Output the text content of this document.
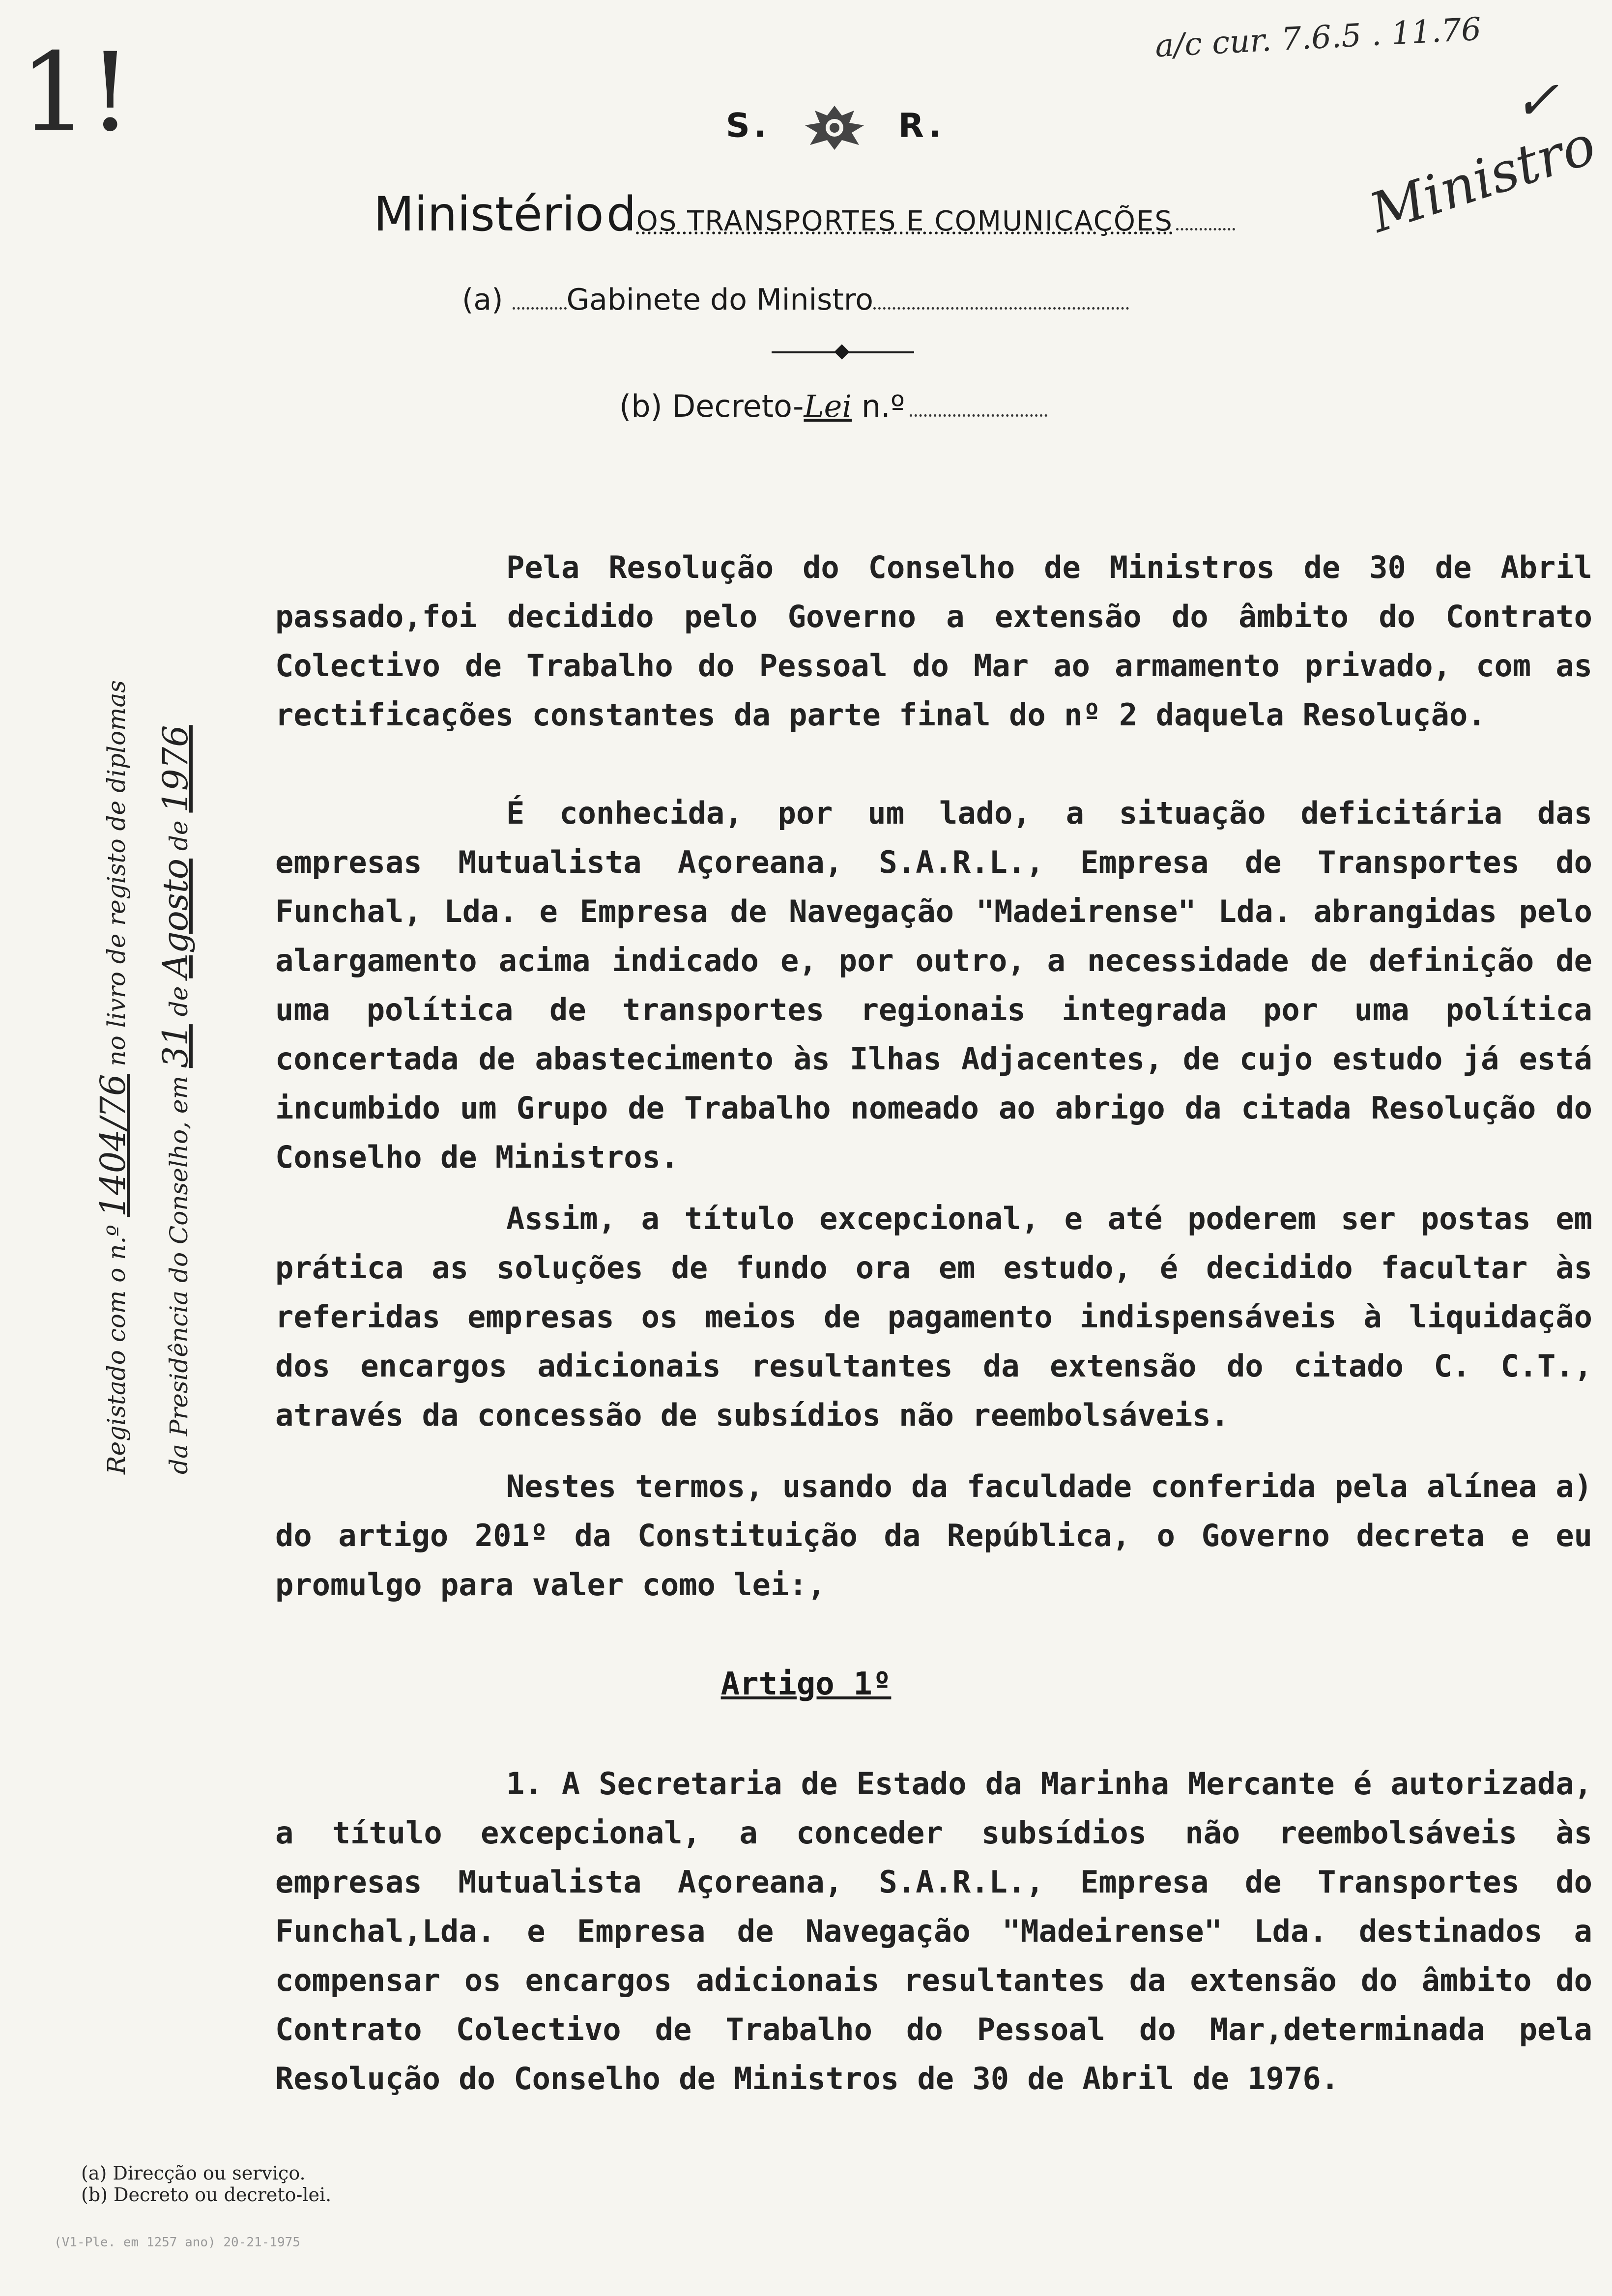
1!	a/c cur. 7.6.5 . 11.76
✓
Ministro
S.	R.
Ministério dOS TRANSPORTES E COMUNICAÇÕES
(a) Gabinete do Ministro
(b) Decreto-Lei n.º
Pela Resolução do Conselho de Ministros de 30 de Abril passado,foi decidido pelo Governo a extensão do âmbito do Contrato Colectivo de Trabalho do Pessoal do Mar ao armamento privado, com as rectificações constantes da parte final do nº 2 daquela Resolução.
É conhecida, por um lado, a situação deficitária das empresas Mutualista Açoreana, S.A.R.L., Empresa de Transportes do Funchal, Lda. e Empresa de Navegação "Madeirense" Lda. abrangidas pelo alargamento acima indicado e, por outro, a necessidade de definição de uma política de transportes regionais integrada por uma política concertada de abastecimento às Ilhas Adjacentes, de cujo estudo já está incumbido um Grupo de Trabalho nomeado ao abrigo da citada Resolução do Conselho de Ministros.
Assim, a título excepcional, e até poderem ser postas em prática as soluções de fundo ora em estudo, é decidido facultar às referidas empresas os meios de pagamento indispensáveis à liquidação dos encargos adicionais resultantes da extensão do citado C. C.T., através da concessão de subsídios não reembolsáveis.
Nestes termos, usando da faculdade conferida pela alínea a) do artigo 201º da Constituição da República, o Governo decreta e eu promulgo para valer como lei:,
Artigo 1º
1. A Secretaria de Estado da Marinha Mercante é autorizada, a título excepcional, a conceder subsídios não reembolsáveis às empresas Mutualista Açoreana, S.A.R.L., Empresa de Transportes do Funchal,Lda. e Empresa de Navegação "Madeirense" Lda. destinados a compensar os encargos adicionais resultantes da extensão do âmbito do Contrato Colectivo de Trabalho do Pessoal do Mar,determinada pela Resolução do Conselho de Ministros de 30 de Abril de 1976.
Registado com o n.º 1404/76 no livro de registo de diplomas
da Presidência do Conselho, em 31 de Agosto de 1976
(a) Direcção ou serviço.
(b) Decreto ou decreto-lei.
(V1-Ple. em 1257 ano) 20-21-1975
